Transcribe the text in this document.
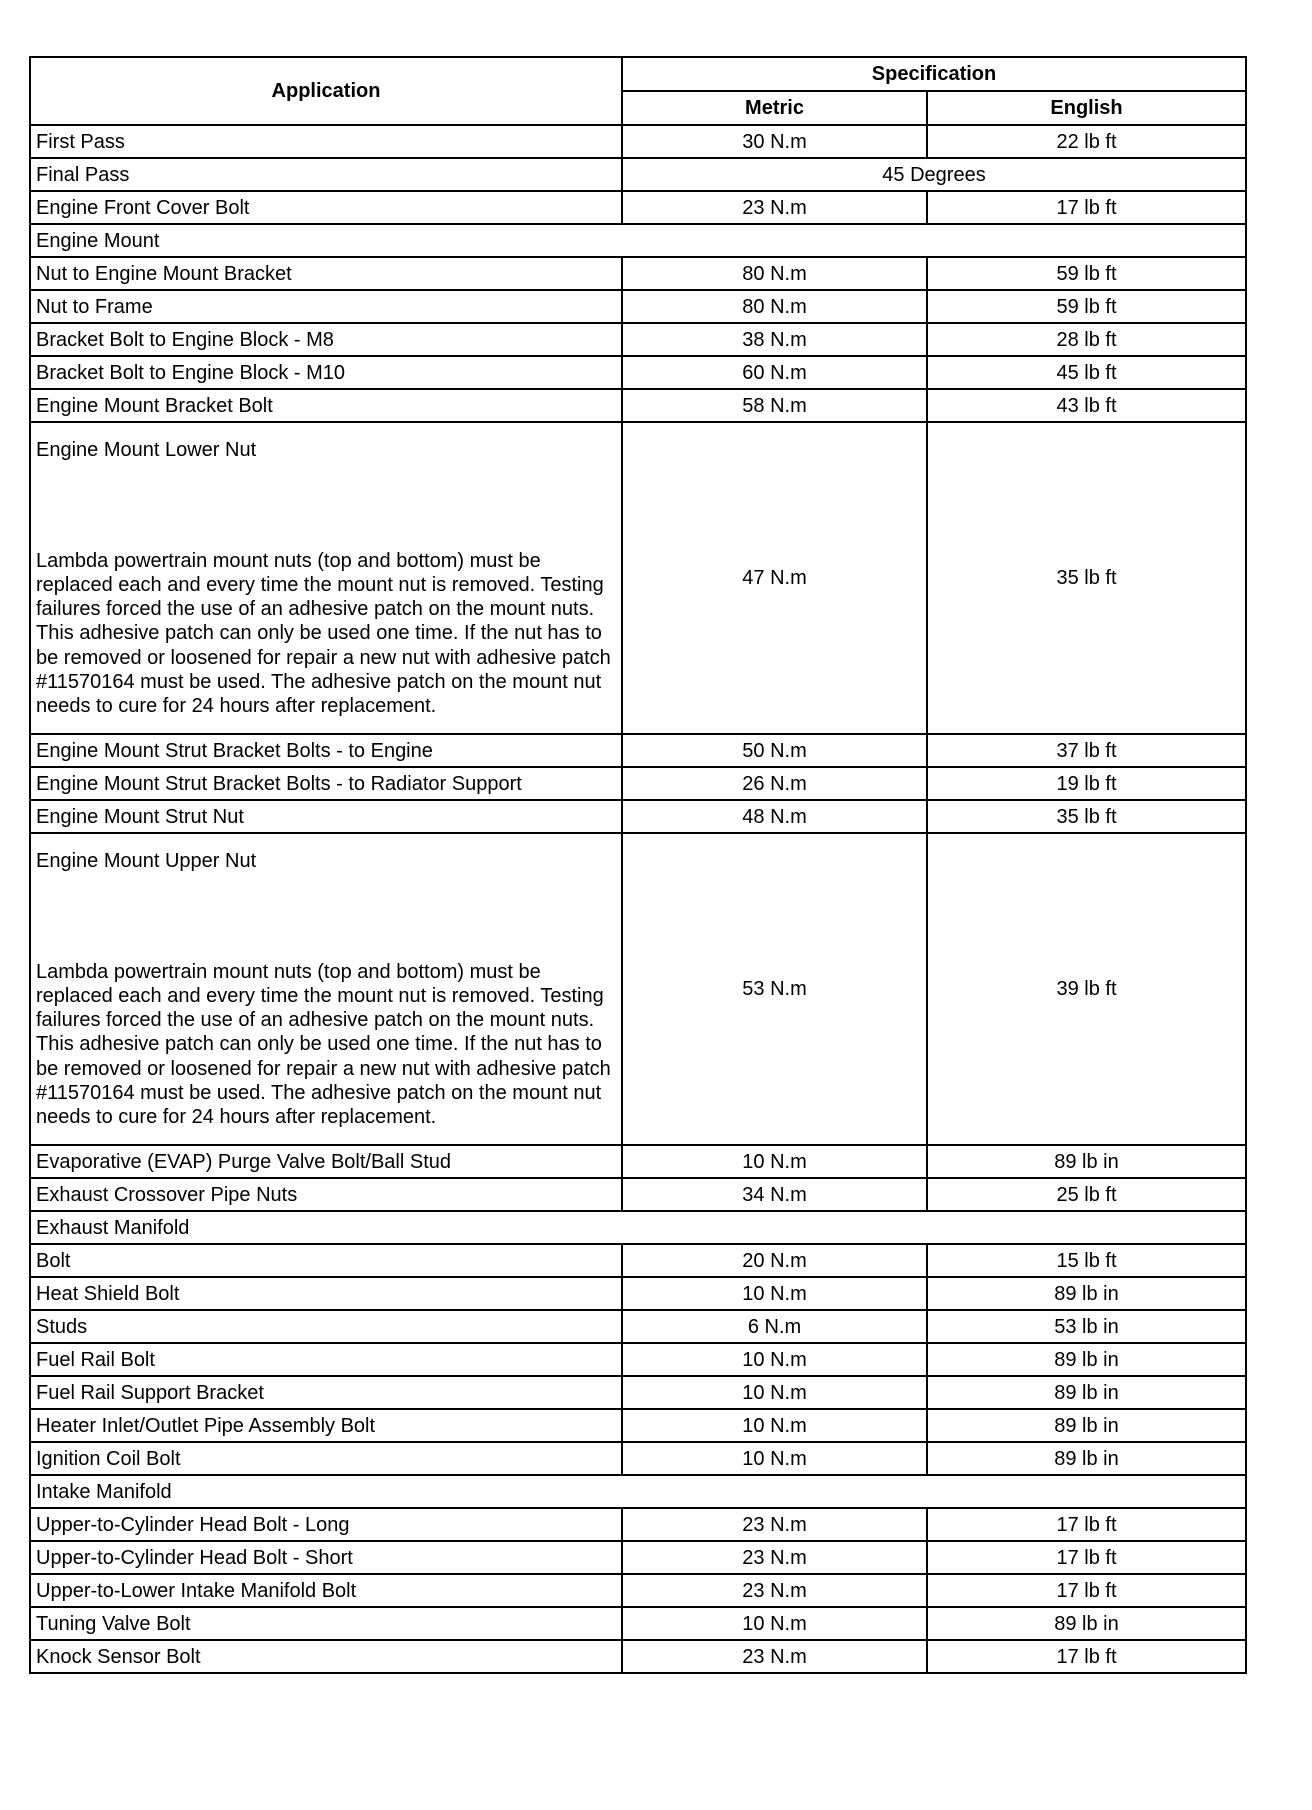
Application	Specification	
	Metric	English
First Pass	30 N.m	22 lb ft
Final Pass	45 Degrees	
Engine Front Cover Bolt	23 N.m	17 lb ft
Engine Mount		
Nut to Engine Mount Bracket	80 N.m	59 lb ft
Nut to Frame	80 N.m	59 lb ft
Bracket Bolt to Engine Block - M8	38 N.m	28 lb ft
Bracket Bolt to Engine Block - M10	60 N.m	45 lb ft
Engine Mount Bracket Bolt	58 N.m	43 lb ft

Engine Mount Lower Nut
Lambda powertrain mount nuts (top and bottom) must be replaced each and every time the mount nut is removed. Testing failures forced the use of an adhesive patch on the mount nuts. This adhesive patch can only be used one time. If the nut has to be removed or loosened for repair a new nut with adhesive patch #11570164 must be used. The adhesive patch on the mount nut needs to cure for 24 hours after replacement.	47 N.m	35 lb ft
Engine Mount Strut Bracket Bolts - to Engine	50 N.m	37 lb ft
Engine Mount Strut Bracket Bolts - to Radiator Support	26 N.m	19 lb ft
Engine Mount Strut Nut	48 N.m	35 lb ft

Engine Mount Upper Nut
Lambda powertrain mount nuts (top and bottom) must be replaced each and every time the mount nut is removed. Testing failures forced the use of an adhesive patch on the mount nuts. This adhesive patch can only be used one time. If the nut has to be removed or loosened for repair a new nut with adhesive patch #11570164 must be used. The adhesive patch on the mount nut needs to cure for 24 hours after replacement.	53 N.m	39 lb ft
Evaporative (EVAP) Purge Valve Bolt/Ball Stud	10 N.m	89 lb in
Exhaust Crossover Pipe Nuts	34 N.m	25 lb ft
Exhaust Manifold		
Bolt	20 N.m	15 lb ft
Heat Shield Bolt	10 N.m	89 lb in
Studs	6 N.m	53 lb in
Fuel Rail Bolt	10 N.m	89 lb in
Fuel Rail Support Bracket	10 N.m	89 lb in
Heater Inlet/Outlet Pipe Assembly Bolt	10 N.m	89 lb in
Ignition Coil Bolt	10 N.m	89 lb in
Intake Manifold		
Upper-to-Cylinder Head Bolt - Long	23 N.m	17 lb ft
Upper-to-Cylinder Head Bolt - Short	23 N.m	17 lb ft
Upper-to-Lower Intake Manifold Bolt	23 N.m	17 lb ft
Tuning Valve Bolt	10 N.m	89 lb in
Knock Sensor Bolt	23 N.m	17 lb ft
